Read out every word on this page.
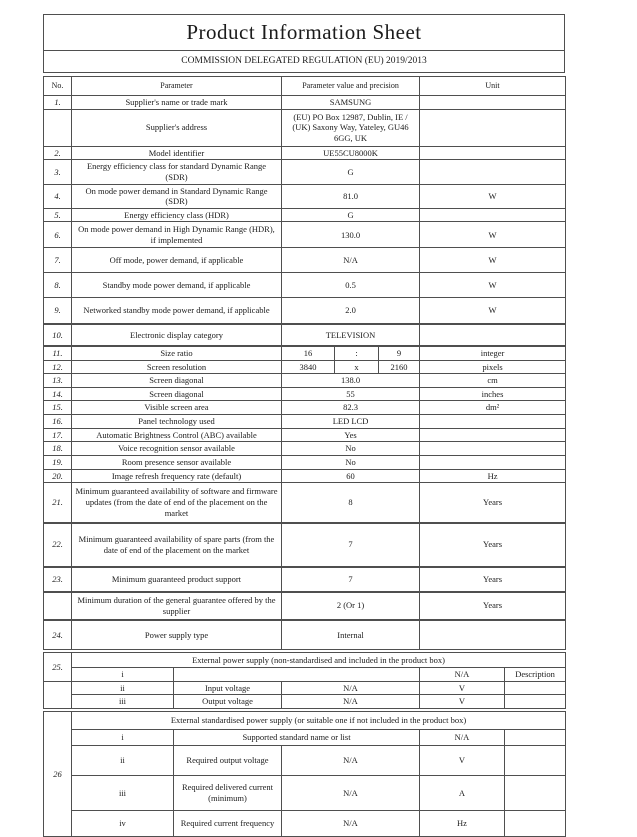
Product Information Sheet
COMMISSION DELEGATED REGULATION (EU) 2019/2013
No.	Parameter	Parameter value and precision			Unit
1.	Supplier's name or trade mark	SAMSUNG			
	Supplier's address	(EU) PO Box 12987, Dublin, IE / (UK) Saxony Way, Yateley, GU46 6GG, UK			
2.	Model identifier	UE55CU8000K			
3.	Energy efficiency class for standard Dynamic Range (SDR)	G			
4.	On mode power demand in Standard Dynamic Range (SDR)	81.0			W
5.	Energy efficiency class (HDR)	G			
6.	On mode power demand in High Dynamic Range (HDR), if implemented	130.0			W
7.	Off mode, power demand, if applicable	N/A			W
8.	Standby mode power demand, if applicable	0.5			W
9.	Networked standby mode power demand, if applicable	2.0			W
10.	Electronic display category	TELEVISION			
11.	Size ratio	16	:	9	integer
12.	Screen resolution	3840	x	2160	pixels
13.	Screen diagonal	138.0			cm
14.	Screen diagonal	55			inches
15.	Visible screen area	82.3			dm²
16.	Panel technology used	LED LCD			
17.	Automatic Brightness Control (ABC) available	Yes			
18.	Voice recognition sensor available	No			
19.	Room presence sensor available	No			
20.	Image refresh frequency rate (default)	60			Hz
21.	Minimum guaranteed availability of software and firmware updates (from the date of end of the placement on the market	8			Years
22.	Minimum guaranteed availability of spare parts (from the date of end of the placement on the market	7			Years
23.	Minimum guaranteed product support	7			Years
	Minimum duration of the general guarantee offered by the supplier	2 (Or 1)			Years
24.	Power supply type	Internal			
25.	External power supply (non-standardised and included in the product box)				
	i			N/A	Description
	ii	Input voltage	N/A	V	
	iii	Output voltage	N/A	V	
26	External standardised power supply (or suitable one if not included in the product box)				
	i	Supported standard name or list		N/A	
	ii	Required output voltage	N/A	V	
	iii	Required delivered current (minimum)	N/A	A	
	iv	Required current frequency	N/A	Hz	
